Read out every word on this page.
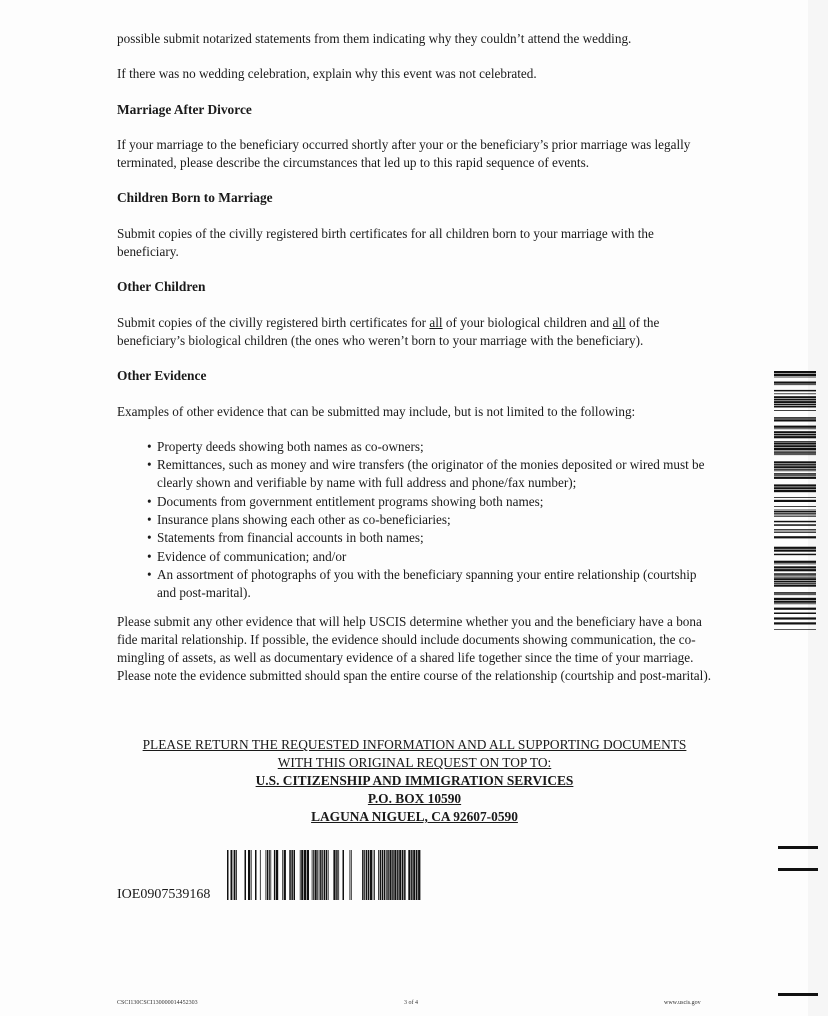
possible submit notarized statements from them indicating why they couldn’t attend the wedding.

If there was no wedding celebration, explain why this event was not celebrated.

Marriage After Divorce

If your marriage to the beneficiary occurred shortly after your or the beneficiary’s prior marriage was legally terminated, please describe the circumstances that led up to this rapid sequence of events.

Children Born to Marriage

Submit copies of the civilly registered birth certificates for all children born to your marriage with the beneficiary.

Other Children

Submit copies of the civilly registered birth certificates for all of your biological children and all of the beneficiary’s biological children (the ones who weren’t born to your marriage with the beneficiary).

Other Evidence

Examples of other evidence that can be submitted may include, but is not limited to the following:

• Property deeds showing both names as co-owners;
• Remittances, such as money and wire transfers (the originator of the monies deposited or wired must be clearly shown and verifiable by name with full address and phone/fax number);
• Documents from government entitlement programs showing both names;
• Insurance plans showing each other as co-beneficiaries;
• Statements from financial accounts in both names;
• Evidence of communication; and/or
• An assortment of photographs of you with the beneficiary spanning your entire relationship (courtship and post-marital).

Please submit any other evidence that will help USCIS determine whether you and the beneficiary have a bona fide marital relationship. If possible, the evidence should include documents showing communication, the co-mingling of assets, as well as documentary evidence of a shared life together since the time of your marriage. Please note the evidence submitted should span the entire course of the relationship (courtship and post-marital).

PLEASE RETURN THE REQUESTED INFORMATION AND ALL SUPPORTING DOCUMENTS
WITH THIS ORIGINAL REQUEST ON TOP TO:
U.S. CITIZENSHIP AND IMMIGRATION SERVICES
P.O. BOX 10590
LAGUNA NIGUEL, CA 92607-0590
IOE0907539168
CSCI130CSCI130000014452303	3 of 4	www.uscis.gov
